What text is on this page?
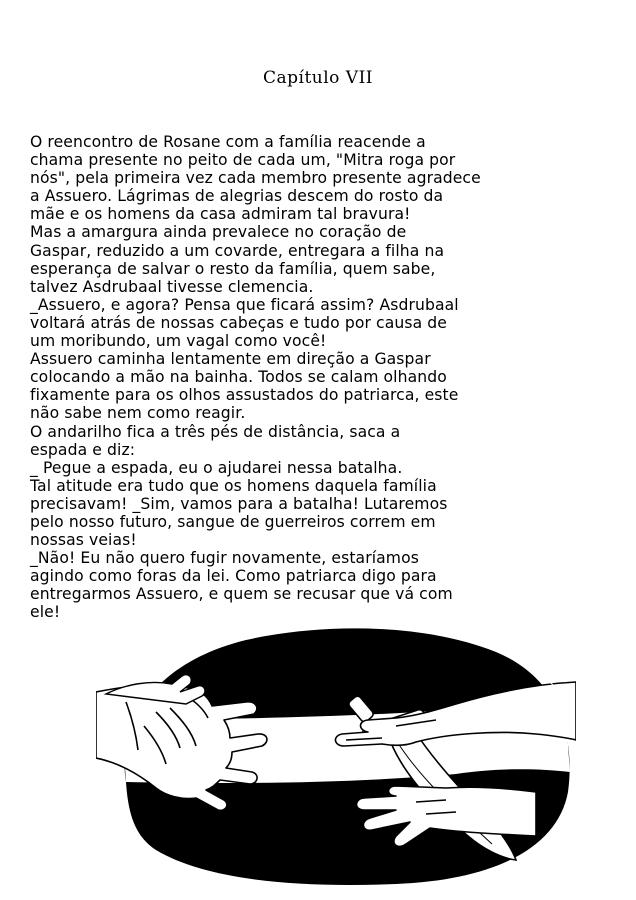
Capítulo VII
O reencontro de Rosane com a família reacende a
chama presente no peito de cada um, "Mitra roga por
nós", pela primeira vez cada membro presente agradece
a Assuero. Lágrimas de alegrias descem do rosto da
mãe e os homens da casa admiram tal bravura!
Mas a amargura ainda prevalece no coração de
Gaspar, reduzido a um covarde, entregara a filha na
esperança de salvar o resto da família, quem sabe,
talvez Asdrubaal tivesse clemencia.
_Assuero, e agora? Pensa que ficará assim? Asdrubaal
voltará atrás de nossas cabeças e tudo por causa de
um moribundo, um vagal como você!
Assuero caminha lentamente em direção a Gaspar
colocando a mão na bainha. Todos se calam olhando
fixamente para os olhos assustados do patriarca, este
não sabe nem como reagir.
O andarilho fica a três pés de distância, saca a
espada e diz:
_ Pegue a espada, eu o ajudarei nessa batalha.
Tal atitude era tudo que os homens daquela família
precisavam! _Sim, vamos para a batalha! Lutaremos
pelo nosso futuro, sangue de guerreiros correm em
nossas veias!
_Não! Eu não quero fugir novamente, estaríamos
agindo como foras da lei. Como patriarca digo para
entregarmos Assuero, e quem se recusar que vá com
ele!
